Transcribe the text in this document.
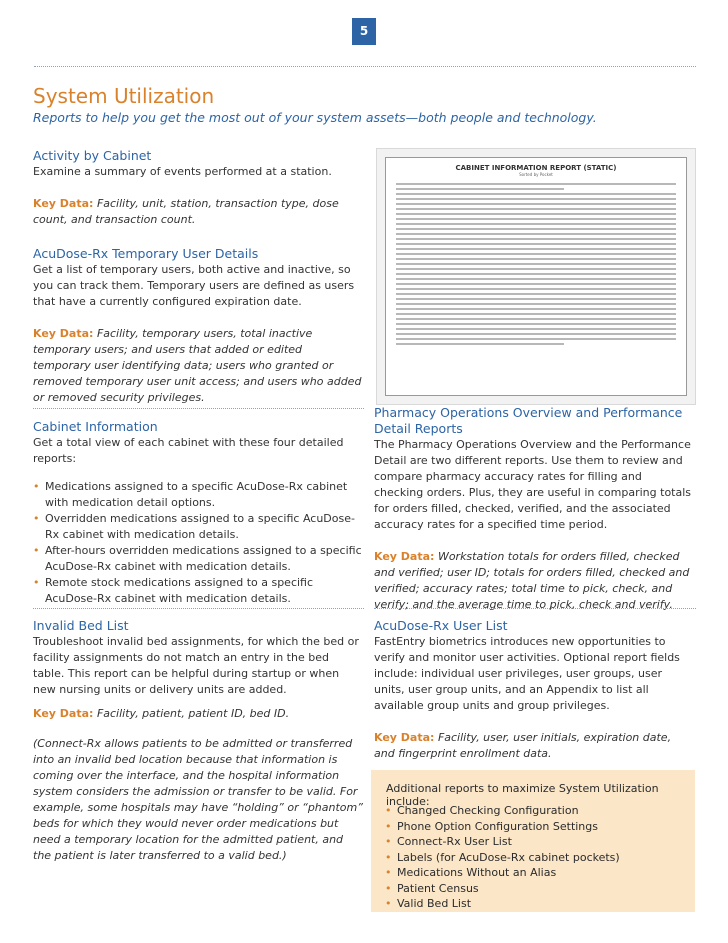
5
System Utilization
Reports to help you get the most out of your system assets—both people and technology.

Activity by Cabinet

Examine a summary of events performed at a station.

Key Data: Facility, unit, station, transaction type, dose count, and transaction count.

AcuDose-Rx Temporary User Details

Get a list of temporary users, both active and inactive, so you can track them. Temporary users are defined as users that have a currently configured expiration date.

Key Data: Facility, temporary users, total inactive temporary users; and users that added or edited temporary user identifying data; users who granted or removed temporary user unit access; and users who added or removed security privileges.

Cabinet Information

Get a total view of each cabinet with these four detailed reports:

• Medications assigned to a specific AcuDose-Rx cabinet with medication detail options.
• Overridden medications assigned to a specific AcuDose-Rx cabinet with medication details.
• After-hours overridden medications assigned to a specific AcuDose-Rx cabinet with medication details.
• Remote stock medications assigned to a specific AcuDose-Rx cabinet with medication details.

Invalid Bed List

Troubleshoot invalid bed assignments, for which the bed or facility assignments do not match an entry in the bed table. This report can be helpful during startup or when new nursing units or delivery units are added.

Key Data: Facility, patient, patient ID, bed ID.

(Connect-Rx allows patients to be admitted or transferred into an invalid bed location because that information is coming over the interface, and the hospital information system considers the admission or transfer to be valid. For example, some hospitals may have “holding” or “phantom” beds for which they would never order medications but need a temporary location for the admitted patient, and the patient is later transferred to a valid bed.)

CABINET INFORMATION REPORT (STATIC)
Sorted by Pocket

Pharmacy Operations Overview and Performance Detail Reports

The Pharmacy Operations Overview and the Performance Detail are two different reports. Use them to review and compare pharmacy accuracy rates for filling and checking orders. Plus, they are useful in comparing totals for orders filled, checked, verified, and the associated accuracy rates for a specified time period.

Key Data: Workstation totals for orders filled, checked and verified; user ID; totals for orders filled, checked and verified; accuracy rates; total time to pick, check, and verify; and the average time to pick, check and verify.

AcuDose-Rx User List

FastEntry biometrics introduces new opportunities to verify and monitor user activities. Optional report fields include: individual user privileges, user groups, user units, user group units, and an Appendix to list all available group units and group privileges.

Key Data: Facility, user, user initials, expiration date, and fingerprint enrollment data.

Additional reports to maximize System Utilization include:
• Changed Checking Configuration
• Phone Option Configuration Settings
• Connect-Rx User List
• Labels (for AcuDose-Rx cabinet pockets)
• Medications Without an Alias
• Patient Census
• Valid Bed List
